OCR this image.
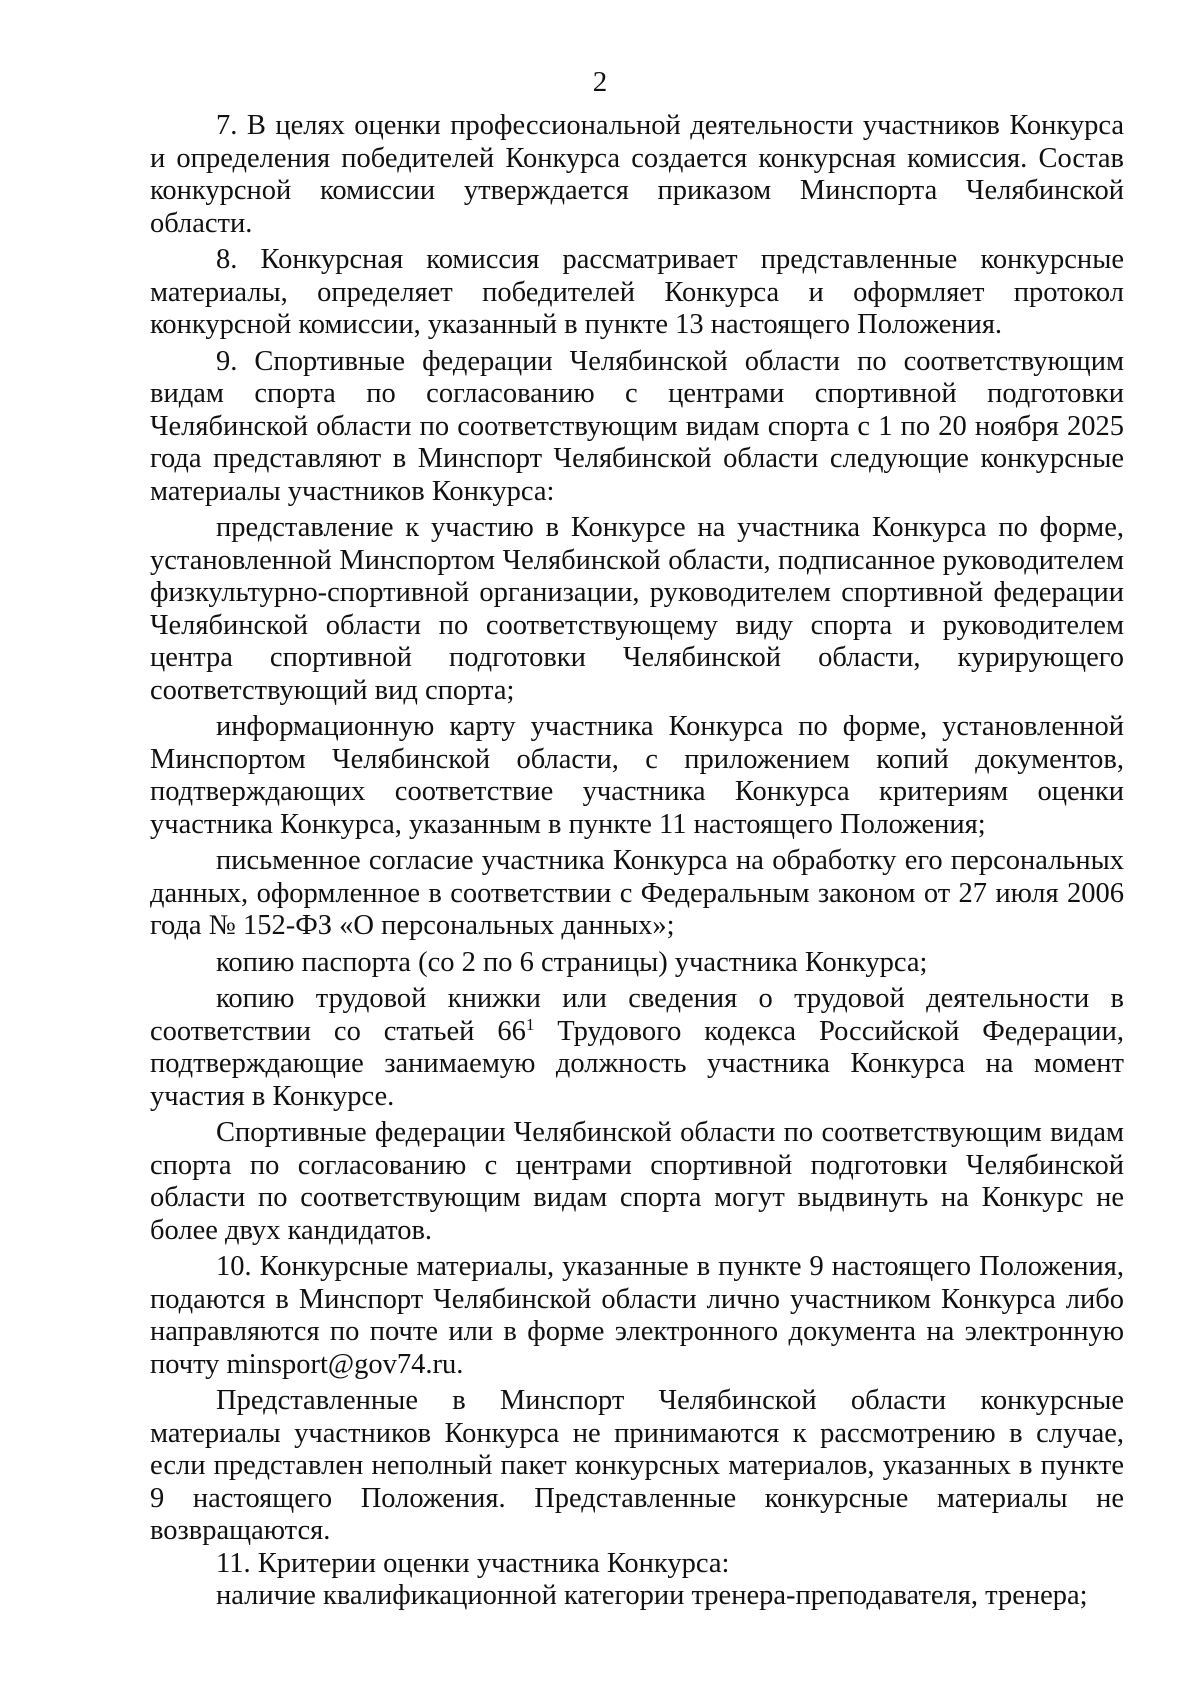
2

7. В целях оценки профессиональной деятельности участников Конкурса и определения победителей Конкурса создается конкурсная комиссия. Состав конкурсной комиссии утверждается приказом Минспорта Челябинской области.

8. Конкурсная комиссия рассматривает представленные конкурсные материалы, определяет победителей Конкурса и оформляет протокол конкурсной комиссии, указанный в пункте 13 настоящего Положения.

9. Спортивные федерации Челябинской области по соответствующим видам спорта по согласованию с центрами спортивной подготовки Челябинской области по соответствующим видам спорта с 1 по 20 ноября 2025 года представляют в Минспорт Челябинской области следующие конкурсные материалы участников Конкурса:

представление к участию в Конкурсе на участника Конкурса по форме, установленной Минспортом Челябинской области, подписанное руководителем физкультурно-спортивной организации, руководителем спортивной федерации Челябинской области по соответствующему виду спорта и руководителем центра спортивной подготовки Челябинской области, курирующего соответствующий вид спорта;

информационную карту участника Конкурса по форме, установленной Минспортом Челябинской области, с приложением копий документов, подтверждающих соответствие участника Конкурса критериям оценки участника Конкурса, указанным в пункте 11 настоящего Положения;

письменное согласие участника Конкурса на обработку его персональных данных, оформленное в соответствии с Федеральным законом от 27 июля 2006 года № 152-ФЗ «О персональных данных»;

копию паспорта (со 2 по 6 страницы) участника Конкурса;

копию трудовой книжки или сведения о трудовой деятельности в соответствии со статьей $66^1$ Трудового кодекса Российской Федерации, подтверждающие занимаемую должность участника Конкурса на момент участия в Конкурсе.

Спортивные федерации Челябинской области по соответствующим видам спорта по согласованию с центрами спортивной подготовки Челябинской области по соответствующим видам спорта могут выдвинуть на Конкурс не более двух кандидатов.

10. Конкурсные материалы, указанные в пункте 9 настоящего Положения, подаются в Минспорт Челябинской области лично участником Конкурса либо направляются по почте или в форме электронного документа на электронную почту minsport@gov74.ru.

Представленные в Минспорт Челябинской области конкурсные материалы участников Конкурса не принимаются к рассмотрению в случае, если представлен неполный пакет конкурсных материалов, указанных в пункте 9 настоящего Положения. Представленные конкурсные материалы не возвращаются.

11. Критерии оценки участника Конкурса:

наличие квалификационной категории тренера-преподавателя, тренера;
